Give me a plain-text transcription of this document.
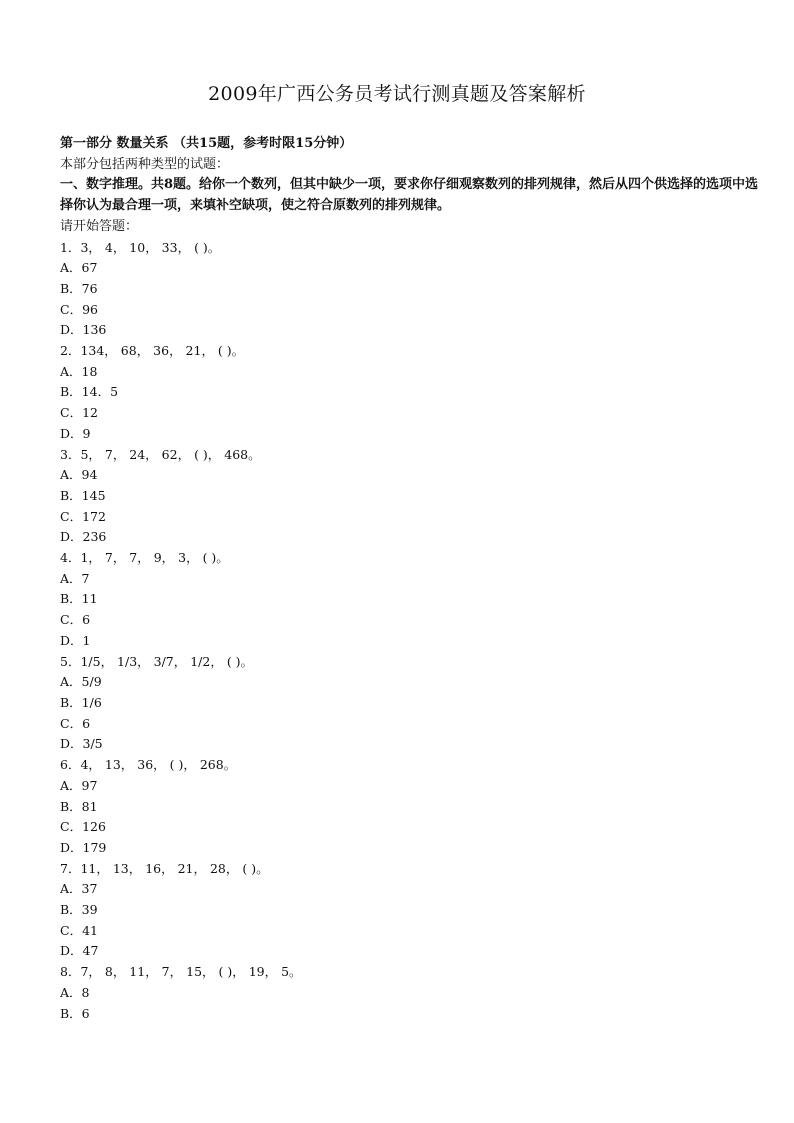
2009年广西公务员考试行测真题及答案解析
第一部分 数量关系 （共15题，参考时限15分钟）
本部分包括两种类型的试题：
一、数字推理。共8题。给你一个数列，但其中缺少一项，要求你仔细观察数列的排列规律，然后从四个供选择的选项中选择你认为最合理一项，来填补空缺项，使之符合原数列的排列规律。
请开始答题：
1．3， 4， 10， 33， ( )。
A．67
B．76
C．96
D．136
2．134， 68， 36， 21， ( )。
A．18
B．14．5
C．12
D．9
3．5， 7， 24， 62， ( )， 468。
A．94
B．145
C．172
D．236
4．1， 7， 7， 9， 3， ( )。
A．7
B．11
C．6
D．1
5．1/5， 1/3， 3/7， 1/2， ( )。
A．5/9
B．1/6
C．6
D．3/5
6．4， 13， 36， ( )， 268。
A．97
B．81
C．126
D．179
7．11， 13， 16， 21， 28， ( )。
A．37
B．39
C．41
D．47
8．7， 8， 11， 7， 15， ( )， 19， 5。
A．8
B．6
